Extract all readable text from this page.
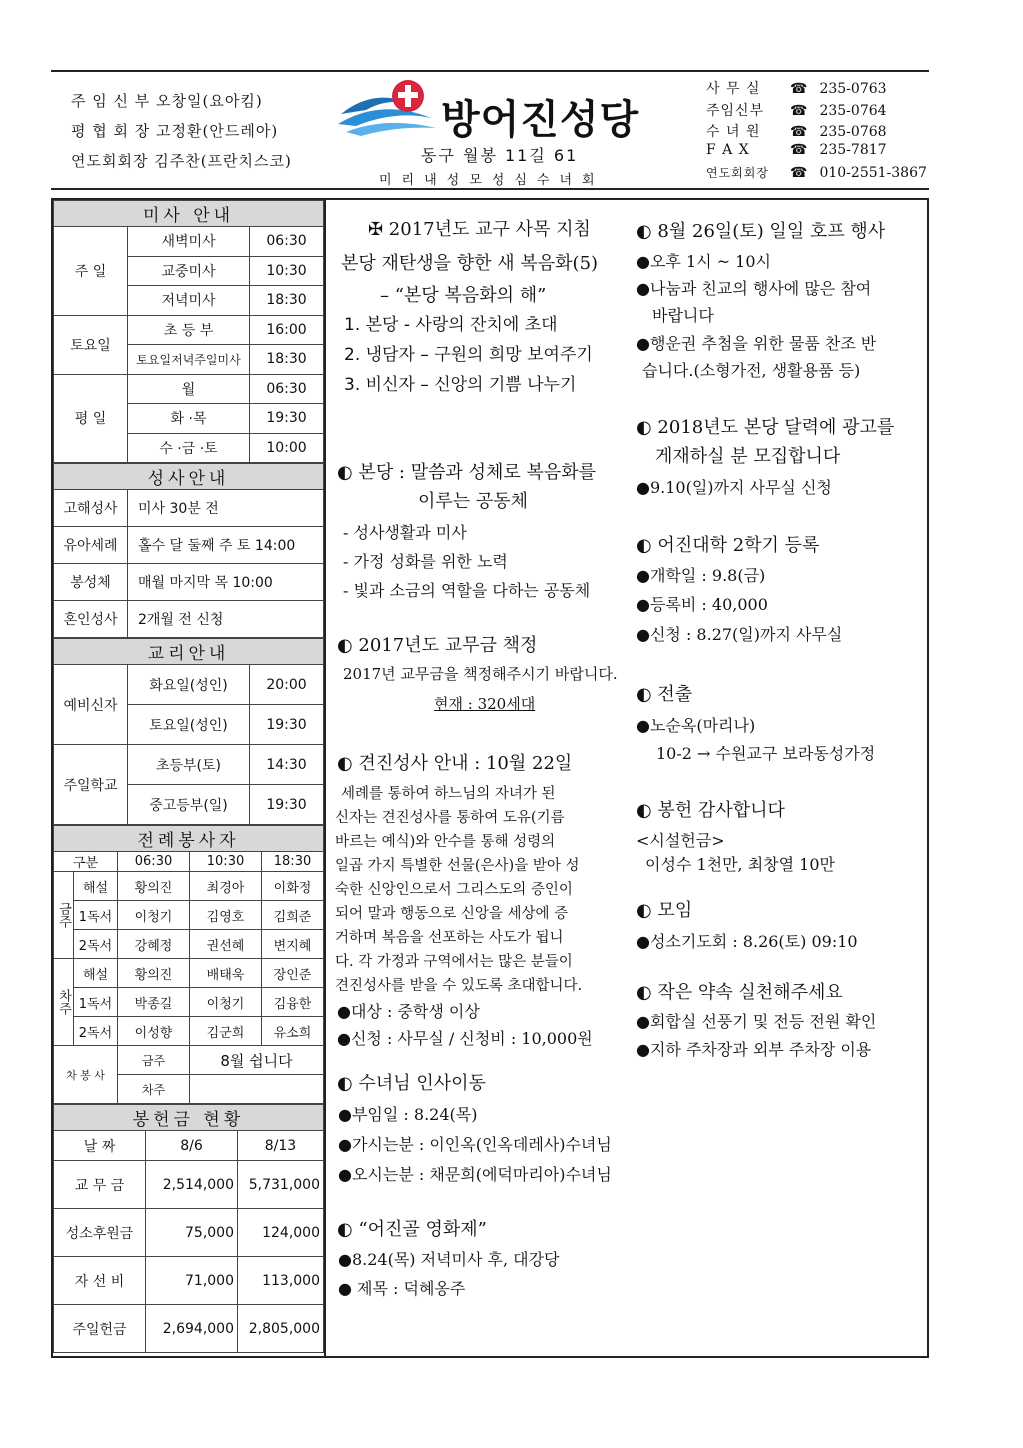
주 임 신 부 오창일(요아킴)
평 협 회 장 고정환(안드레아)
연도회회장 김주찬(프란치스코)
방어진성당
동구 월봉 11길 61
미리내성모성심수녀회
사 무 실 ☎ 235-0763
주임신부 ☎ 235-0764
수 녀 원 ☎ 235-0768
F A X	☎ 235-7817
연도회회장 ☎ 010-2551-3867
미사 안내		
주 일	새벽미사	06:30
	교중미사	10:30
	저녁미사	18:30
토요일	초 등 부	16:00
	토요일저녁주일미사	18:30
평 일	월	06:30
	화 ·목	19:30
	수 ·금 ·토	10:00
성사안내	
고해성사	미사 30분 전
유아세례	홀수 달 둘째 주 토 14:00
봉성체	매월 마지막 목 10:00
혼인성사	2개월 전 신청
교리안내		
예비신자	화요일(성인)	20:00
	토요일(성인)	19:30
주일학교	초등부(토)	14:30
	중고등부(일)	19:30
전례봉사자				
구분		06:30	10:30	18:30
금주	해설	황의진	최경아	이화정
	1독서	이청기	김영호	김희준
	2독서	강혜정	권선혜	변지혜
차주	해설	황의진	배태욱	장인준
	1독서	박종길	이청기	김융한
	2독서	이성향	김군희	유소희
차 봉 사		금주	8월 쉽니다	
		차주		
봉헌금 현황		
날 짜	8/6	8/13
교 무 금	2,514,000	5,731,000
성소후원금	75,000	124,000
자 선 비	71,000	113,000
주일헌금	2,694,000	2,805,000
✠ 2017년도 교구 사목 지침
본당 재탄생을 향한 새 복음화(5)
– “본당 복음화의 해”
1. 본당 - 사랑의 잔치에 초대
2. 냉담자 – 구원의 희망 보여주기
3. 비신자 – 신앙의 기쁨 나누기
◐ 본당 : 말씀과 성체로 복음화를
이루는 공동체
- 성사생활과 미사
- 가정 성화를 위한 노력
- 빛과 소금의 역할을 다하는 공동체
◐ 2017년도 교무금 책정
2017년 교무금을 책정해주시기 바랍니다.
현재 : 320세대
◐ 견진성사 안내 : 10월 22일
세례를 통하여 하느님의 자녀가 된
신자는 견진성사를 통하여 도유(기름
바르는 예식)와 안수를 통해 성령의
일곱 가지 특별한 선물(은사)을 받아 성
숙한 신앙인으로서 그리스도의 증인이
되어 말과 행동으로 신앙을 세상에 증
거하며 복음을 선포하는 사도가 됩니
다. 각 가정과 구역에서는 많은 분들이
견진성사를 받을 수 있도록 초대합니다.
●대상 : 중학생 이상
●신청 : 사무실 / 신청비 : 10,000원
◐ 수녀님 인사이동
●부임일 : 8.24(목)
●가시는분 : 이인옥(인옥데레사)수녀님
●오시는분 : 채문희(에덕마리아)수녀님
◐ “어진골 영화제”
●8.24(목) 저녁미사 후, 대강당
● 제목 : 덕혜옹주
◐ 8월 26일(토) 일일 호프 행사
●오후 1시 ~ 10시
●나눔과 친교의 행사에 많은 참여
바랍니다
●행운권 추첨을 위한 물품 찬조 반
습니다.(소형가전, 생활용품 등)
◐ 2018년도 본당 달력에 광고를
게재하실 분 모집합니다
●9.10(일)까지 사무실 신청
◐ 어진대학 2학기 등록
●개학일 : 9.8(금)
●등록비 : 40,000
●신청 : 8.27(일)까지 사무실
◐ 전출
●노순옥(마리나)
10-2 → 수원교구 보라동성가정
◐ 봉헌 감사합니다
<시설헌금>
이성수 1천만, 최창열 10만
◐ 모임
●성소기도회 : 8.26(토) 09:10
◐ 작은 약속 실천해주세요
●회합실 선풍기 및 전등 전원 확인
●지하 주차장과 외부 주차장 이용
